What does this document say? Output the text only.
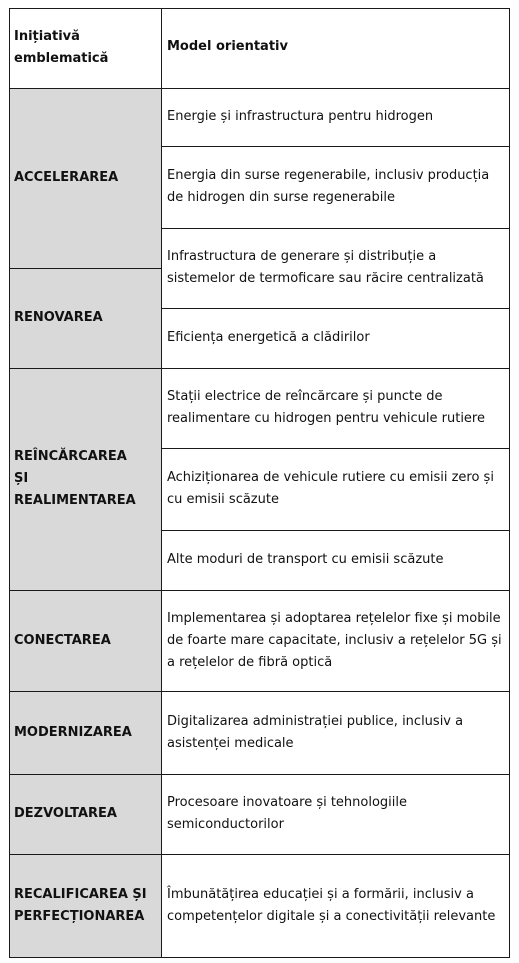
ACCELERAREA
RENOVAREA
REÎNCĂRCAREA ȘI REALIMENTAREA
CONECTAREA
MODERNIZAREA
DEZVOLTAREA
RECALIFICAREA ȘI PERFECȚIONAREA
Inițiativă emblematică
Model orientativ
Energie și infrastructura pentru hidrogen
Energia din surse regenerabile, inclusiv producția de hidrogen din surse regenerabile
Infrastructura de generare și distribuție a sistemelor de termoficare sau răcire centralizată
Eficiența energetică a clădirilor
Stații electrice de reîncărcare și puncte de realimentare cu hidrogen pentru vehicule rutiere
Achiziționarea de vehicule rutiere cu emisii zero și cu emisii scăzute
Alte moduri de transport cu emisii scăzute
Implementarea și adoptarea rețelelor fixe și mobile de foarte mare capacitate, inclusiv a rețelelor 5G și a rețelelor de fibră optică
Digitalizarea administrației publice, inclusiv a asistenței medicale
Procesoare inovatoare și tehnologiile semiconductorilor
Îmbunătățirea educației și a formării, inclusiv a competențelor digitale și a conectivității relevante
